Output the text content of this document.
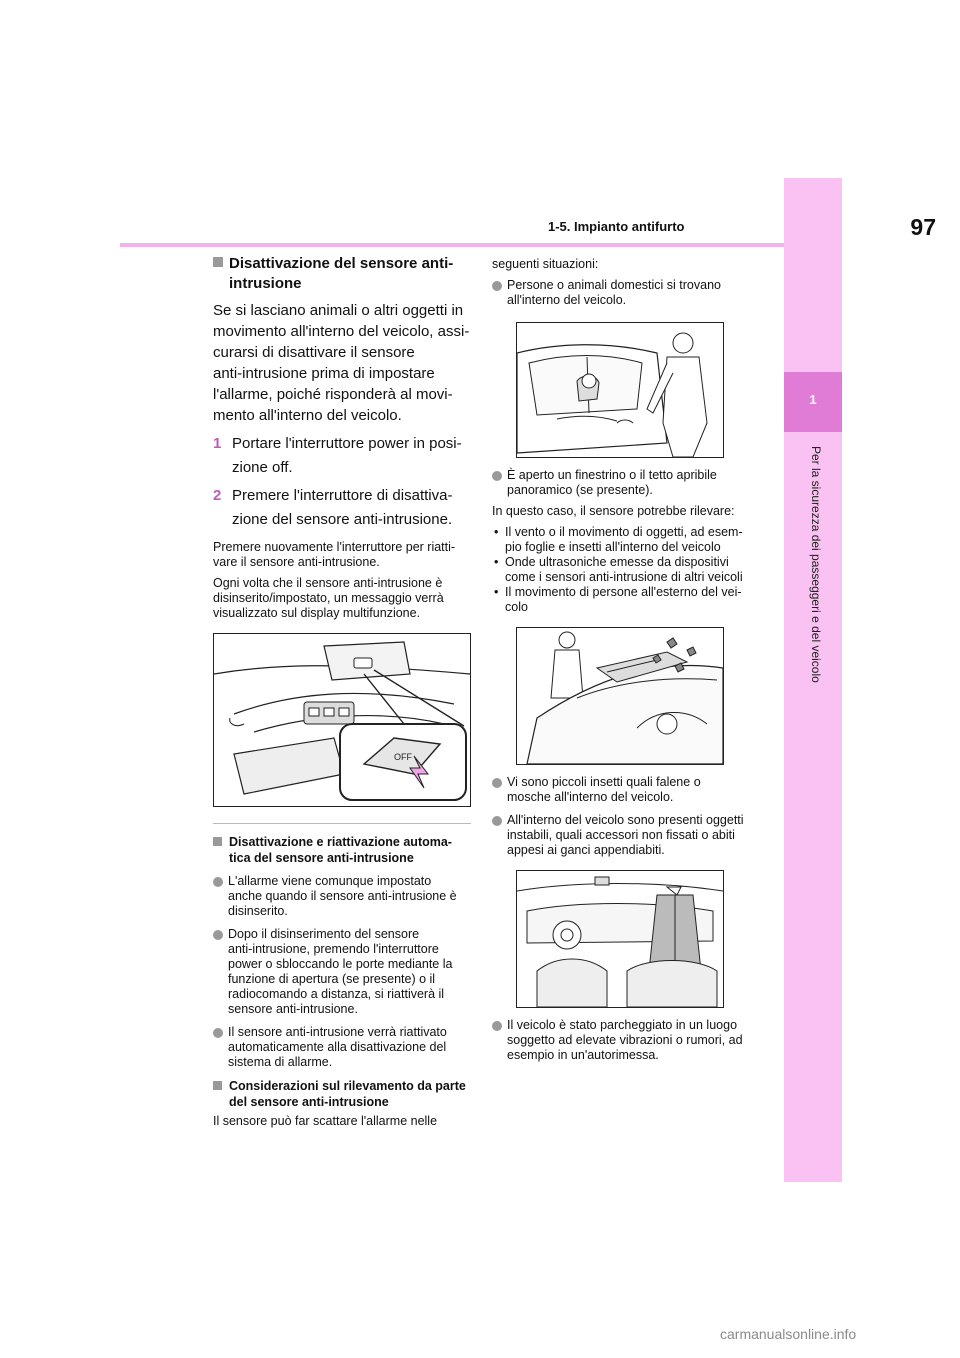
1-5. Impianto antifurto	97
1
Per la sicurezza dei passeggeri e del veicolo
Disattivazione del sensore anti-intrusione

Se si lasciano animali o altri oggetti in
movimento all'interno del veicolo, assi-
curarsi di disattivare il sensore
anti-intrusione prima di impostare
l'allarme, poiché risponderà al movi-
mento all'interno del veicolo.

1 Portare l'interruttore power in posi-
zione off.
2 Premere l'interruttore di disattiva-
zione del sensore anti-intrusione.

Premere nuovamente l'interruttore per riatti-
vare il sensore anti-intrusione.

Ogni volta che il sensore anti-intrusione è
disinserito/impostato, un messaggio verrà
visualizzato sul display multifunzione.

OFF
Disattivazione e riattivazione automa-
tica del sensore anti-intrusione
L'allarme viene comunque impostato
anche quando il sensore anti-intrusione è
disinserito.
Dopo il disinserimento del sensore
anti-intrusione, premendo l'interruttore
power o sbloccando le porte mediante la
funzione di apertura (se presente) o il
radiocomando a distanza, si riattiverà il
sensore anti-intrusione.
Il sensore anti-intrusione verrà riattivato
automaticamente alla disattivazione del
sistema di allarme.
Considerazioni sul rilevamento da parte
del sensore anti-intrusione

Il sensore può far scattare l'allarme nelle

seguenti situazioni:

Persone o animali domestici si trovano
all'interno del veicolo.
È aperto un finestrino o il tetto apribile
panoramico (se presente).

In questo caso, il sensore potrebbe rilevare:

• Il vento o il movimento di oggetti, ad esem-
pio foglie e insetti all'interno del veicolo
• Onde ultrasoniche emesse da dispositivi
come i sensori anti-intrusione di altri veicoli
• Il movimento di persone all'esterno del vei-
colo
Vi sono piccoli insetti quali falene o
mosche all'interno del veicolo.
All'interno del veicolo sono presenti oggetti
instabili, quali accessori non fissati o abiti
appesi ai ganci appendiabiti.
Il veicolo è stato parcheggiato in un luogo
soggetto ad elevate vibrazioni o rumori, ad
esempio in un'autorimessa.
carmanualsonline.info
